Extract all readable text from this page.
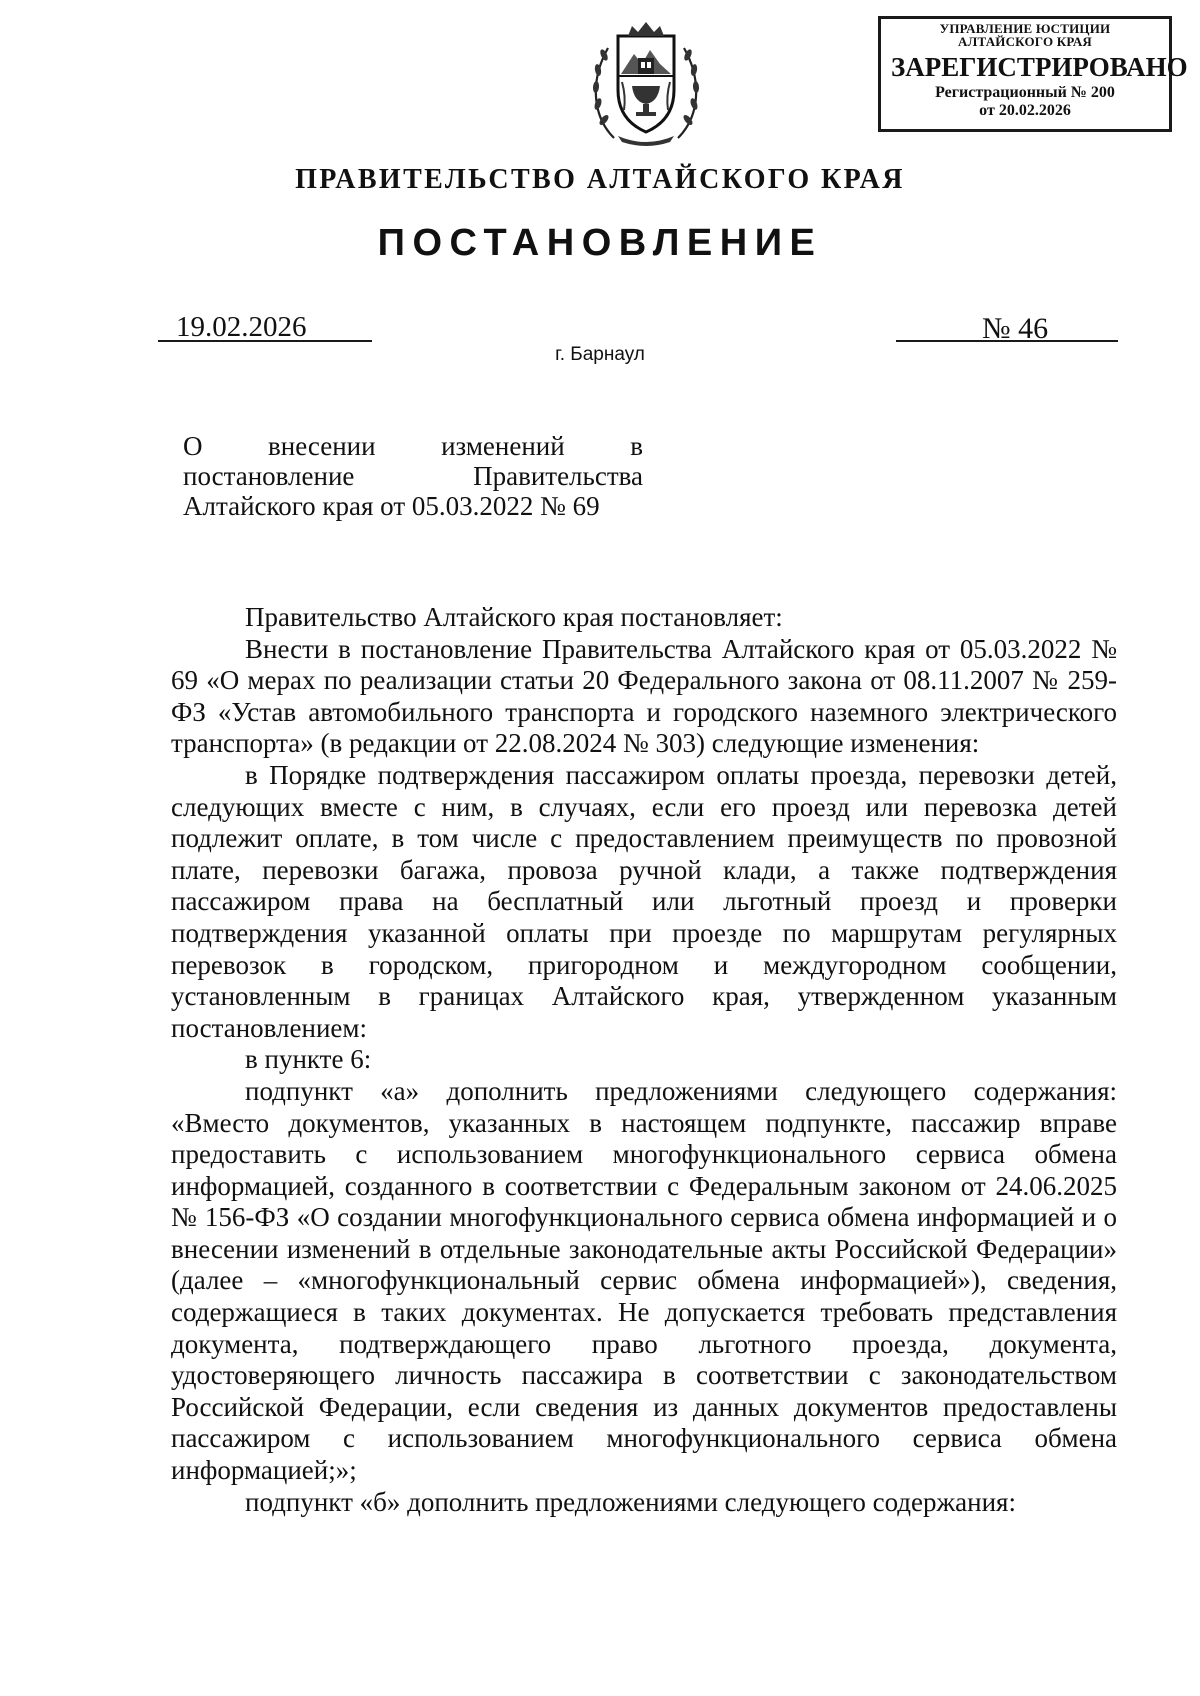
УПРАВЛЕНИЕ ЮСТИЦИИ
АЛТАЙСКОГО КРАЯ
ЗАРЕГИСТРИРОВАНО
Регистрационный № 200
от 20.02.2026
ПРАВИТЕЛЬСТВО АЛТАЙСКОГО КРАЯ
ПОСТАНОВЛЕНИЕ
19.02.2026
г. Барнаул
№ 46
О внесении изменений в постановление Правительства Алтайского края от 05.03.2022 № 69

Правительство Алтайского края постановляет:

Внести в постановление Правительства Алтайского края от 05.03.2022 № 69 «О мерах по реализации статьи 20 Федерального закона от 08.11.2007 № 259-ФЗ «Устав автомобильного транспорта и городского наземного электрического транспорта» (в редакции от 22.08.2024 № 303) следующие изменения:

в Порядке подтверждения пассажиром оплаты проезда, перевозки детей, следующих вместе с ним, в случаях, если его проезд или перевозка детей подлежит оплате, в том числе с предоставлением преимуществ по провозной плате, перевозки багажа, провоза ручной клади, а также подтверждения пассажиром права на бесплатный или льготный проезд и проверки подтверждения указанной оплаты при проезде по маршрутам регулярных перевозок в городском, пригородном и междугородном сообщении, установленным в границах Алтайского края, утвержденном указанным постановлением:

в пункте 6:

подпункт «а» дополнить предложениями следующего содержания: «Вместо документов, указанных в настоящем подпункте, пассажир вправе предоставить с использованием многофункционального сервиса обмена информацией, созданного в соответствии с Федеральным законом от 24.06.2025 № 156-ФЗ «О создании многофункционального сервиса обмена информацией и о внесении изменений в отдельные законодательные акты Российской Федерации» (далее – «многофункциональный сервис обмена информацией»), сведения, содержащиеся в таких документах. Не допускается требовать представления документа, подтверждающего право льготного проезда, документа, удостоверяющего личность пассажира в соответствии с законодательством Российской Федерации, если сведения из данных документов предоставлены пассажиром с использованием многофункционального сервиса обмена информацией;»;

подпункт «б» дополнить предложениями следующего содержания:
